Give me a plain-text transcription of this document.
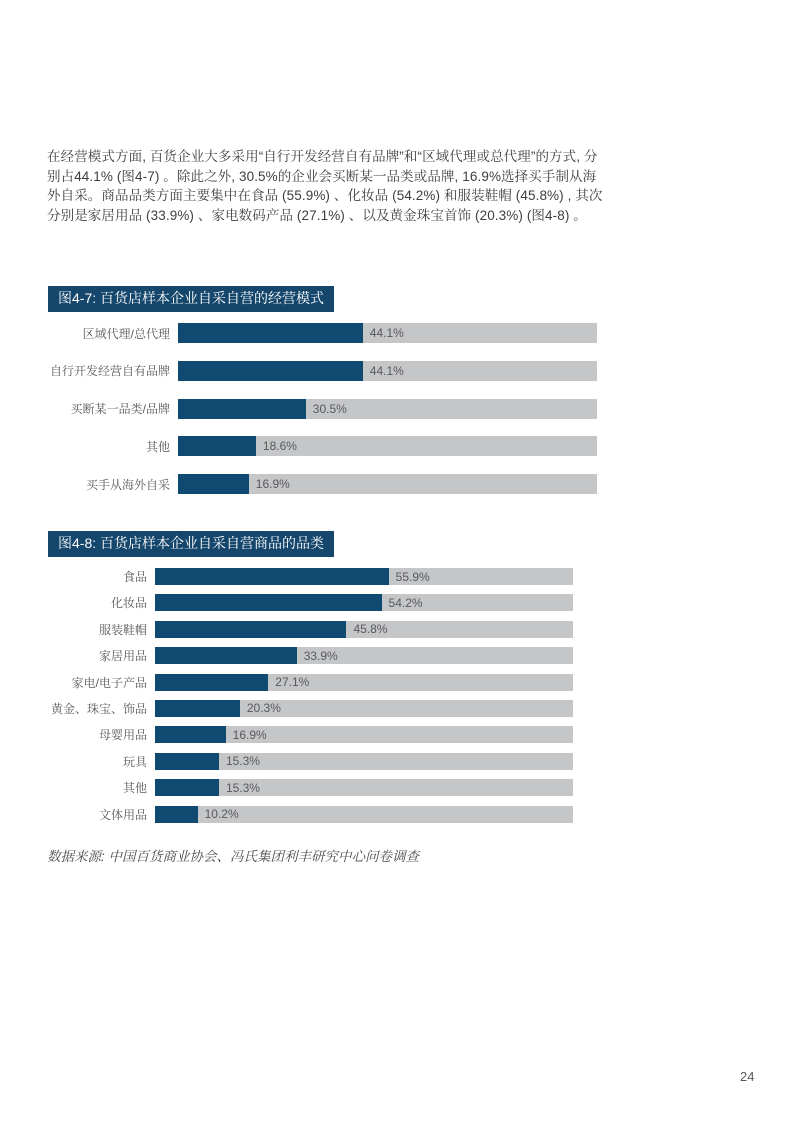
在经营模式方面, 百货企业大多采用“自行开发经营自有品牌”和“区域代理或总代理”的方式, 分别占44.1% (图4-7) 。除此之外, 30.5%的企业会买断某一品类或品牌, 16.9%选择买手制从海外自采。商品品类方面主要集中在食品 (55.9%) 、化妆品 (54.2%) 和服装鞋帽 (45.8%) , 其次分别是家居用品 (33.9%) 、家电数码产品 (27.1%) 、以及黄金珠宝首饰 (20.3%) (图4-8) 。

图4-7: 百货店样本企业自采自营的经营模式
区域代理/总代理	44.1%
自行开发经营自有品牌	44.1%
买断某一品类/品牌	30.5%
其他	18.6%
买手从海外自采	16.9%
图4-8: 百货店样本企业自采自营商品的品类
食品	55.9%
化妆品	54.2%
服装鞋帽	45.8%
家居用品	33.9%
家电/电子产品	27.1%
黄金、珠宝、饰品	20.3%
母婴用品	16.9%
玩具	15.3%
其他	15.3%
文体用品	10.2%

数据来源: 中国百货商业协会、冯氏集团利丰研究中心问卷调查

24
